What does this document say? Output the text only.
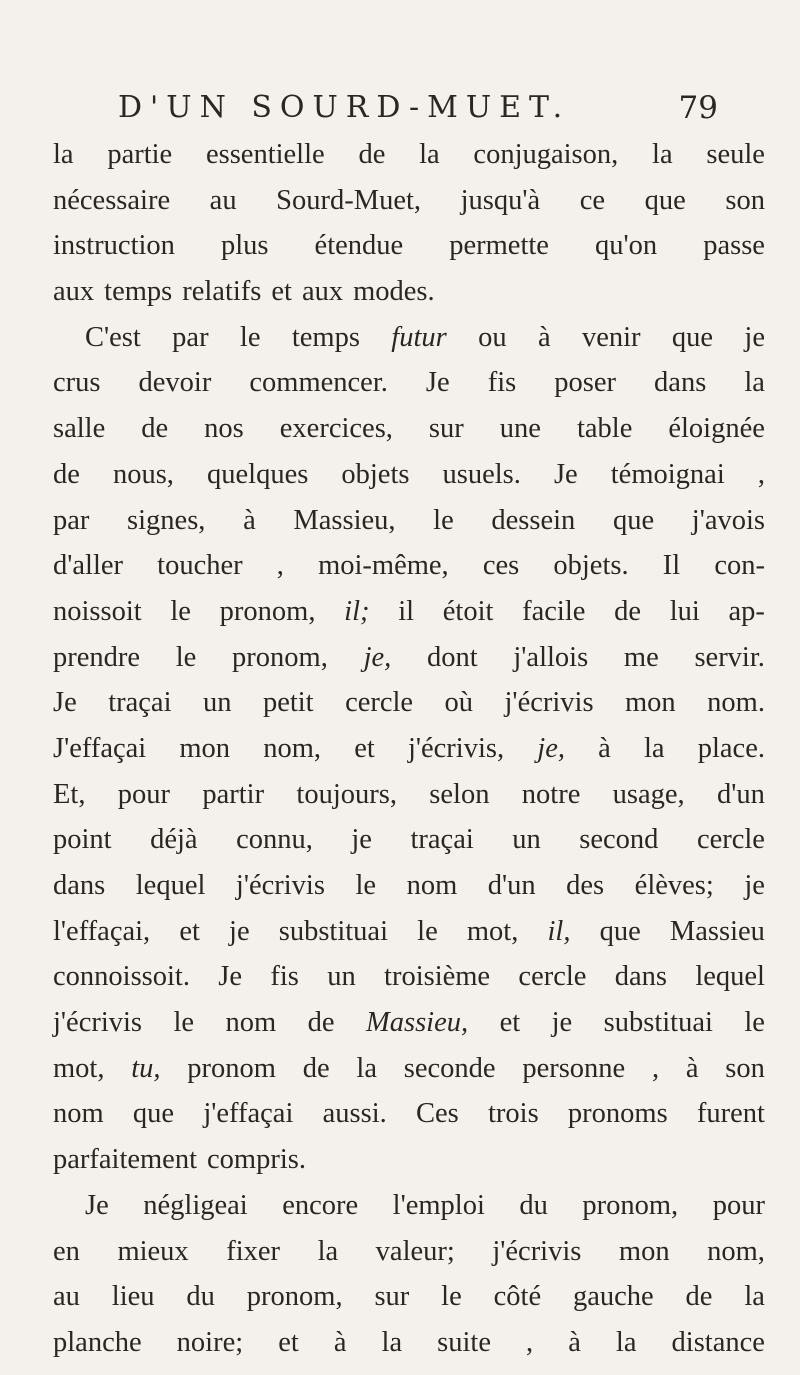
D'UN SOURD-MUET.	79
la partie essentielle de la conjugaison, la seule
nécessaire au Sourd-Muet, jusqu'à ce que son
instruction plus étendue permette qu'on passe
aux temps relatifs et aux modes.
C'est par le temps futur ou à venir que je
crus devoir commencer. Je fis poser dans la
salle de nos exercices, sur une table éloignée
de nous, quelques objets usuels. Je témoignai ,
par signes, à Massieu, le dessein que j'avois
d'aller toucher , moi-même, ces objets. Il con-
noissoit le pronom, il; il étoit facile de lui ap-
prendre le pronom, je, dont j'allois me servir.
Je traçai un petit cercle où j'écrivis mon nom.
J'effaçai mon nom, et j'écrivis, je, à la place.
Et, pour partir toujours, selon notre usage, d'un
point déjà connu, je traçai un second cercle
dans lequel j'écrivis le nom d'un des élèves; je
l'effaçai, et je substituai le mot, il, que Massieu
connoissoit. Je fis un troisième cercle dans lequel
j'écrivis le nom de Massieu, et je substituai le
mot, tu, pronom de la seconde personne , à son
nom que j'effaçai aussi. Ces trois pronoms furent
parfaitement compris.
Je négligeai encore l'emploi du pronom, pour
en mieux fixer la valeur; j'écrivis mon nom,
au lieu du pronom, sur le côté gauche de la
planche noire; et à la suite , à la distance
